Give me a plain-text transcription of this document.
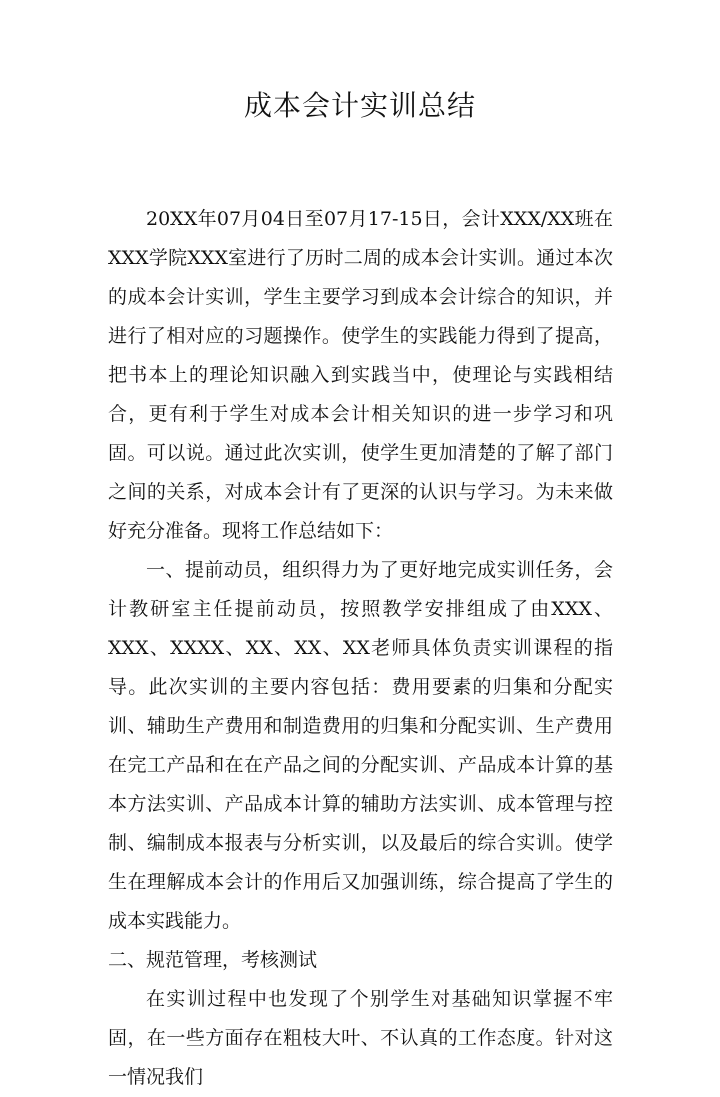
成本会计实训总结

20XX年07月04日至07月17-15日，会计XXX/XX班在XXX学院XXX室进行了历时二周的成本会计实训。通过本次的成本会计实训，学生主要学习到成本会计综合的知识，并进行了相对应的习题操作。使学生的实践能力得到了提高，把书本上的理论知识融入到实践当中，使理论与实践相结合，更有利于学生对成本会计相关知识的进一步学习和巩固。可以说。通过此次实训，使学生更加清楚的了解了部门之间的关系，对成本会计有了更深的认识与学习。为未来做好充分准备。现将工作总结如下：

一、提前动员，组织得力为了更好地完成实训任务，会计教研室主任提前动员，按照教学安排组成了由XXX、XXX、XXXX、XX、XX、XX老师具体负责实训课程的指导。此次实训的主要内容包括：费用要素的归集和分配实训、辅助生产费用和制造费用的归集和分配实训、生产费用在完工产品和在在产品之间的分配实训、产品成本计算的基本方法实训、产品成本计算的辅助方法实训、成本管理与控制、编制成本报表与分析实训，以及最后的综合实训。使学生在理解成本会计的作用后又加强训练，综合提高了学生的成本实践能力。

二、规范管理，考核测试

在实训过程中也发现了个别学生对基础知识掌握不牢固，在一些方面存在粗枝大叶、不认真的工作态度。针对这一情况我们
